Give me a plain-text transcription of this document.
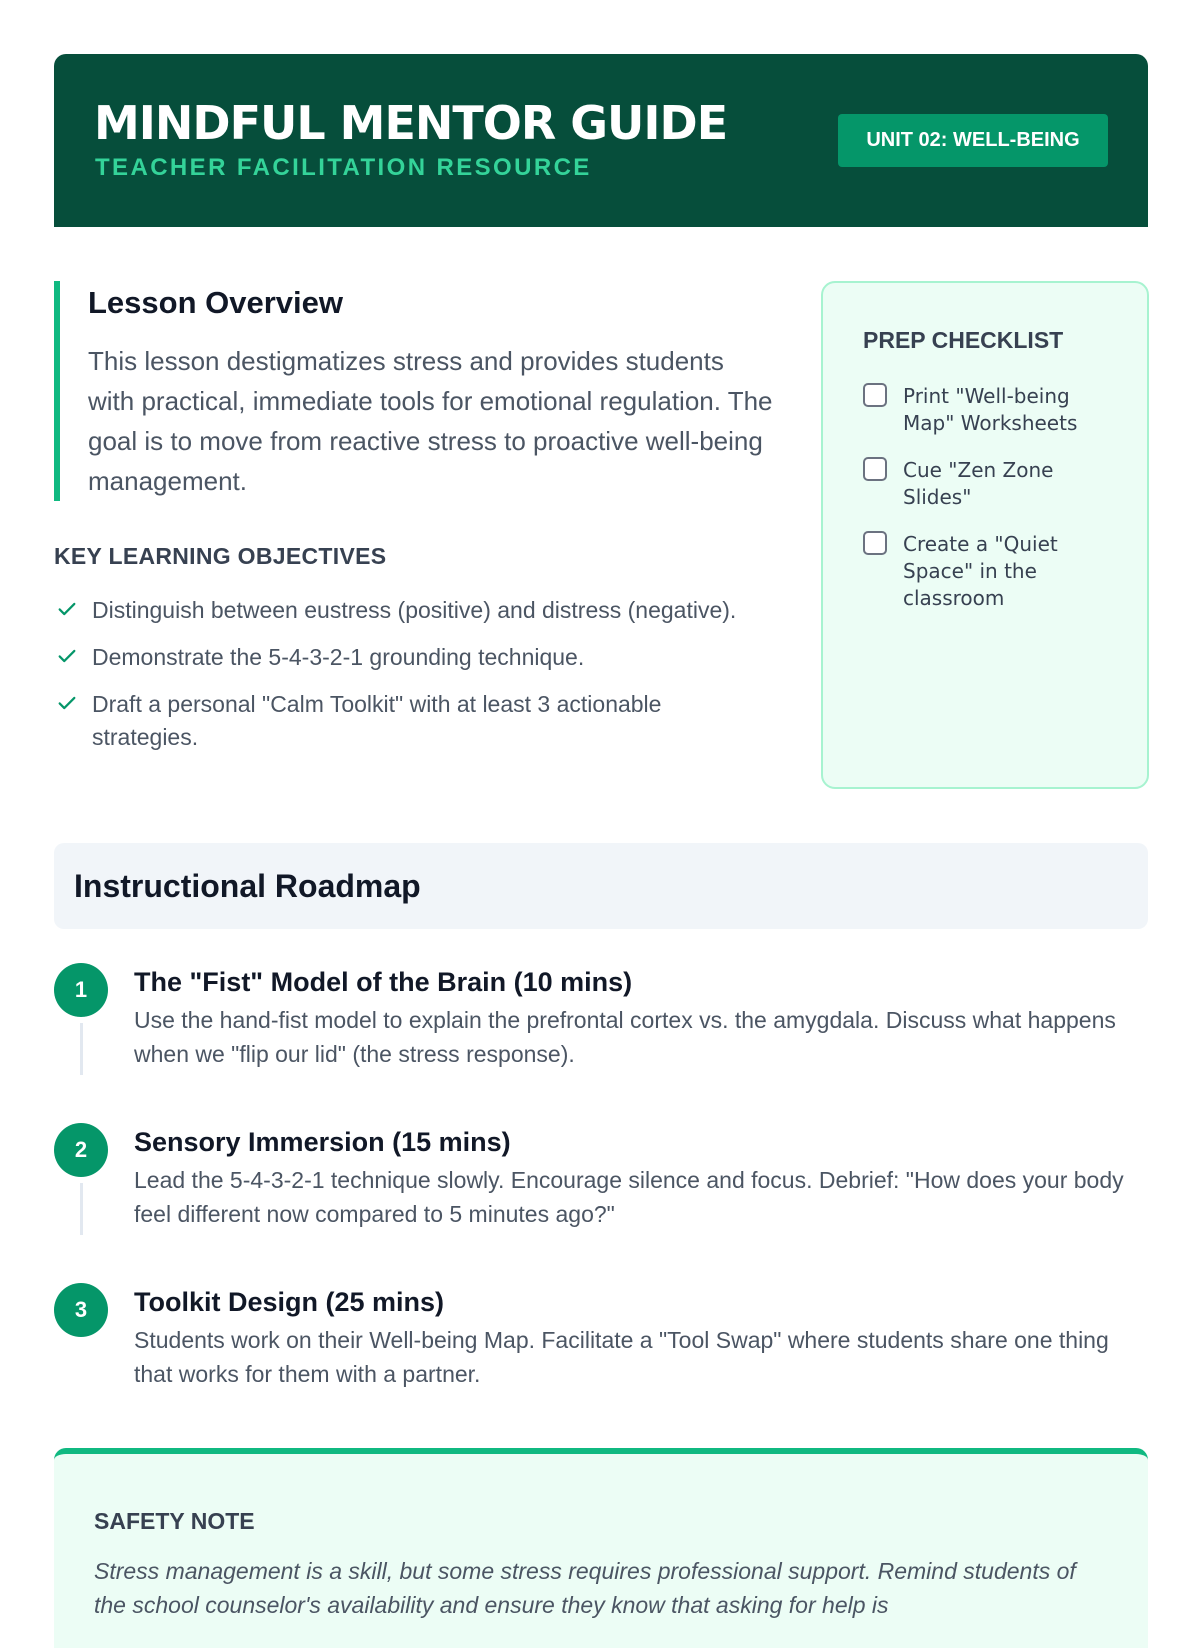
MINDFUL MENTOR GUIDE
TEACHER FACILITATION RESOURCE
UNIT 02: WELL-BEING
Lesson Overview

This lesson destigmatizes stress and provides students with practical, immediate tools for emotional regulation. The goal is to move from reactive stress to proactive well-being management.

KEY LEARNING OBJECTIVES
Distinguish between eustress (positive) and distress (negative).
Demonstrate the 5-4-3-2-1 grounding technique.
Draft a personal "Calm Toolkit" with at least 3 actionable strategies.
PREP CHECKLIST
Print "Well-being Map" Worksheets
Cue "Zen Zone Slides"
Create a "Quiet Space" in the classroom
Instructional Roadmap
1	The "Fist" Model of the Brain (10 mins)
Use the hand-fist model to explain the prefrontal cortex vs. the amygdala. Discuss what happens when we "flip our lid" (the stress response).
2	Sensory Immersion (15 mins)
Lead the 5-4-3-2-1 technique slowly. Encourage silence and focus. Debrief: "How does your body feel different now compared to 5 minutes ago?"
3	Toolkit Design (25 mins)
Students work on their Well-being Map. Facilitate a "Tool Swap" where students share one thing that works for them with a partner.
SAFETY NOTE

Stress management is a skill, but some stress requires professional support. Remind students of the school counselor's availability and ensure they know that asking for help is
